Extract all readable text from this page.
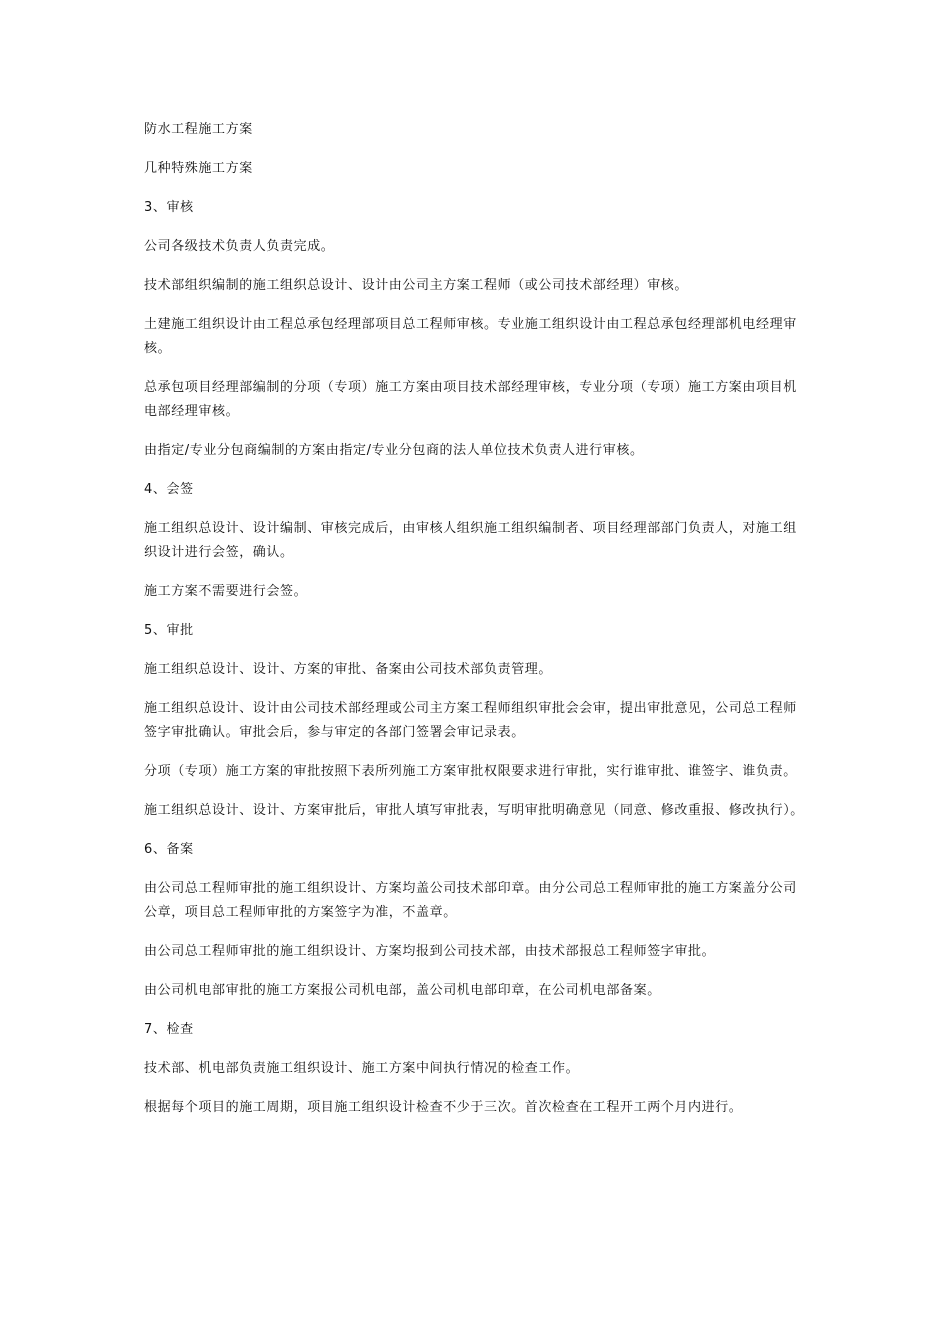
防水工程施工方案

几种特殊施工方案

3、审核

公司各级技术负责人负责完成。

技术部组织编制的施工组织总设计、设计由公司主方案工程师（或公司技术部经理）审核。

土建施工组织设计由工程总承包经理部项目总工程师审核。专业施工组织设计由工程总承包经理部机电经理审核。

总承包项目经理部编制的分项（专项）施工方案由项目技术部经理审核，专业分项（专项）施工方案由项目机电部经理审核。

由指定/专业分包商编制的方案由指定/专业分包商的法人单位技术负责人进行审核。

4、会签

施工组织总设计、设计编制、审核完成后，由审核人组织施工组织编制者、项目经理部部门负责人，对施工组织设计进行会签，确认。

施工方案不需要进行会签。

5、审批

施工组织总设计、设计、方案的审批、备案由公司技术部负责管理。

施工组织总设计、设计由公司技术部经理或公司主方案工程师组织审批会会审，提出审批意见，公司总工程师签字审批确认。审批会后，参与审定的各部门签署会审记录表。

分项（专项）施工方案的审批按照下表所列施工方案审批权限要求进行审批，实行谁审批、谁签字、谁负责。

施工组织总设计、设计、方案审批后，审批人填写审批表，写明审批明确意见（同意、修改重报、修改执行）。

6、备案

由公司总工程师审批的施工组织设计、方案均盖公司技术部印章。由分公司总工程师审批的施工方案盖分公司公章，项目总工程师审批的方案签字为准，不盖章。

由公司总工程师审批的施工组织设计、方案均报到公司技术部，由技术部报总工程师签字审批。

由公司机电部审批的施工方案报公司机电部，盖公司机电部印章，在公司机电部备案。

7、检查

技术部、机电部负责施工组织设计、施工方案中间执行情况的检查工作。

根据每个项目的施工周期，项目施工组织设计检查不少于三次。首次检查在工程开工两个月内进行。
